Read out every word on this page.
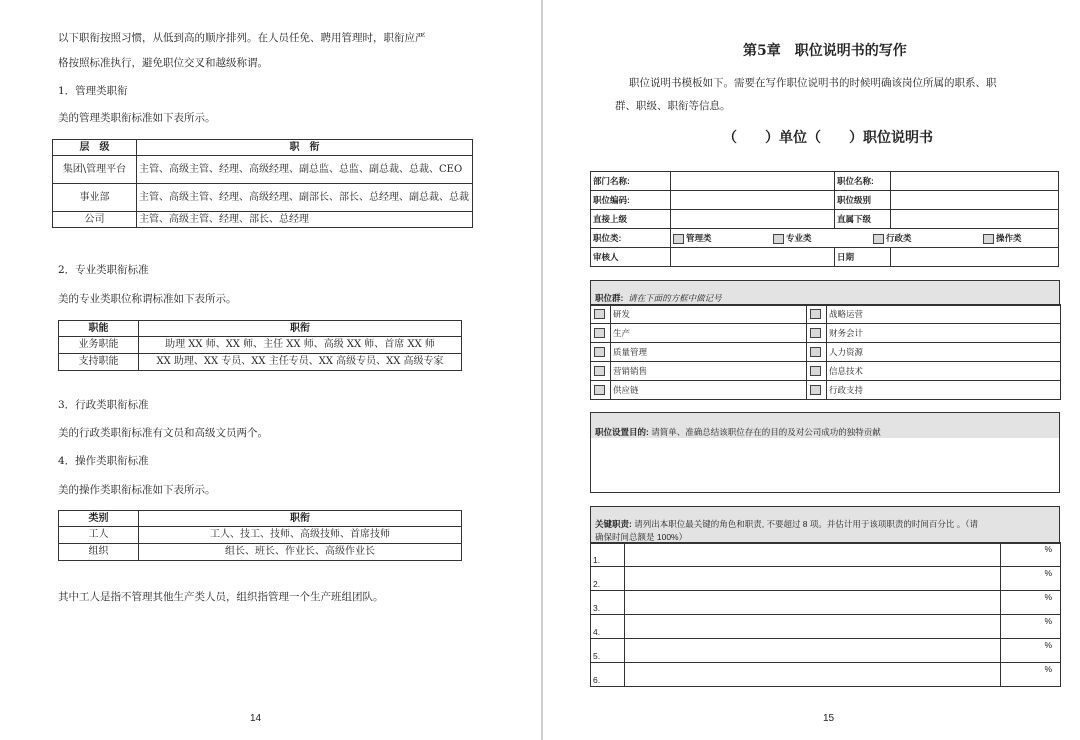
以下职衔按照习惯，从低到高的顺序排列。在人员任免、聘用管理时，职衔应严
格按照标准执行，避免职位交叉和越级称谓。
1．管理类职衔
美的管理类职衔标准如下表所示。
层　级	职　衔
集团\管理平台	主管、高级主管、经理、高级经理、副总监、总监、副总裁、总裁、CEO
事业部	主管、高级主管、经理、高级经理、副部长、部长、总经理、副总裁、总裁
公司	主管、高级主管、经理、部长、总经理
2．专业类职衔标准
美的专业类职位称谓标准如下表所示。
职能	职衔
业务职能	助理 XX 师、XX 师、主任 XX 师、高级 XX 师、首席 XX 师
支持职能	XX 助理、XX 专员、XX 主任专员、XX 高级专员、XX 高级专家
3．行政类职衔标准
美的行政类职衔标准有文员和高级文员两个。
4．操作类职衔标准
美的操作类职衔标准如下表所示。
类别	职衔
工人	工人、技工、技师、高级技师、首席技师
组织	组长、班长、作业长、高级作业长
其中工人是指不管理其他生产类人员，组织指管理一个生产班组团队。
14
第5章　职位说明书的写作
职位说明书模板如下。需要在写作职位说明书的时候明确该岗位所属的职系、职
群、职级、职衔等信息。
（　　）单位（　　）职位说明书
部门名称:		职位名称:	
职位编码:		职位级别	
直接上级		直属下级	
职位类:	管理类 专业类 行政类 操作类		
审核人		日期	
职位群: 请在下面的方框中做记号
	研发		战略运营
	生产		财务会计
	质量管理		人力资源
	营销销售		信息技术
	供应链		行政支持
职位设置目的: 请简单、准确总结该职位存在的目的及对公司成功的独特贡献
关键职责: 请列出本职位最关键的角色和职责, 不要超过 8 项。并估计用于该项职责的时间百分比 。（请
确保时间总额是 100%）
1.		%
2.		%
3.		%
4.		%
5.		%
6.		%
15
